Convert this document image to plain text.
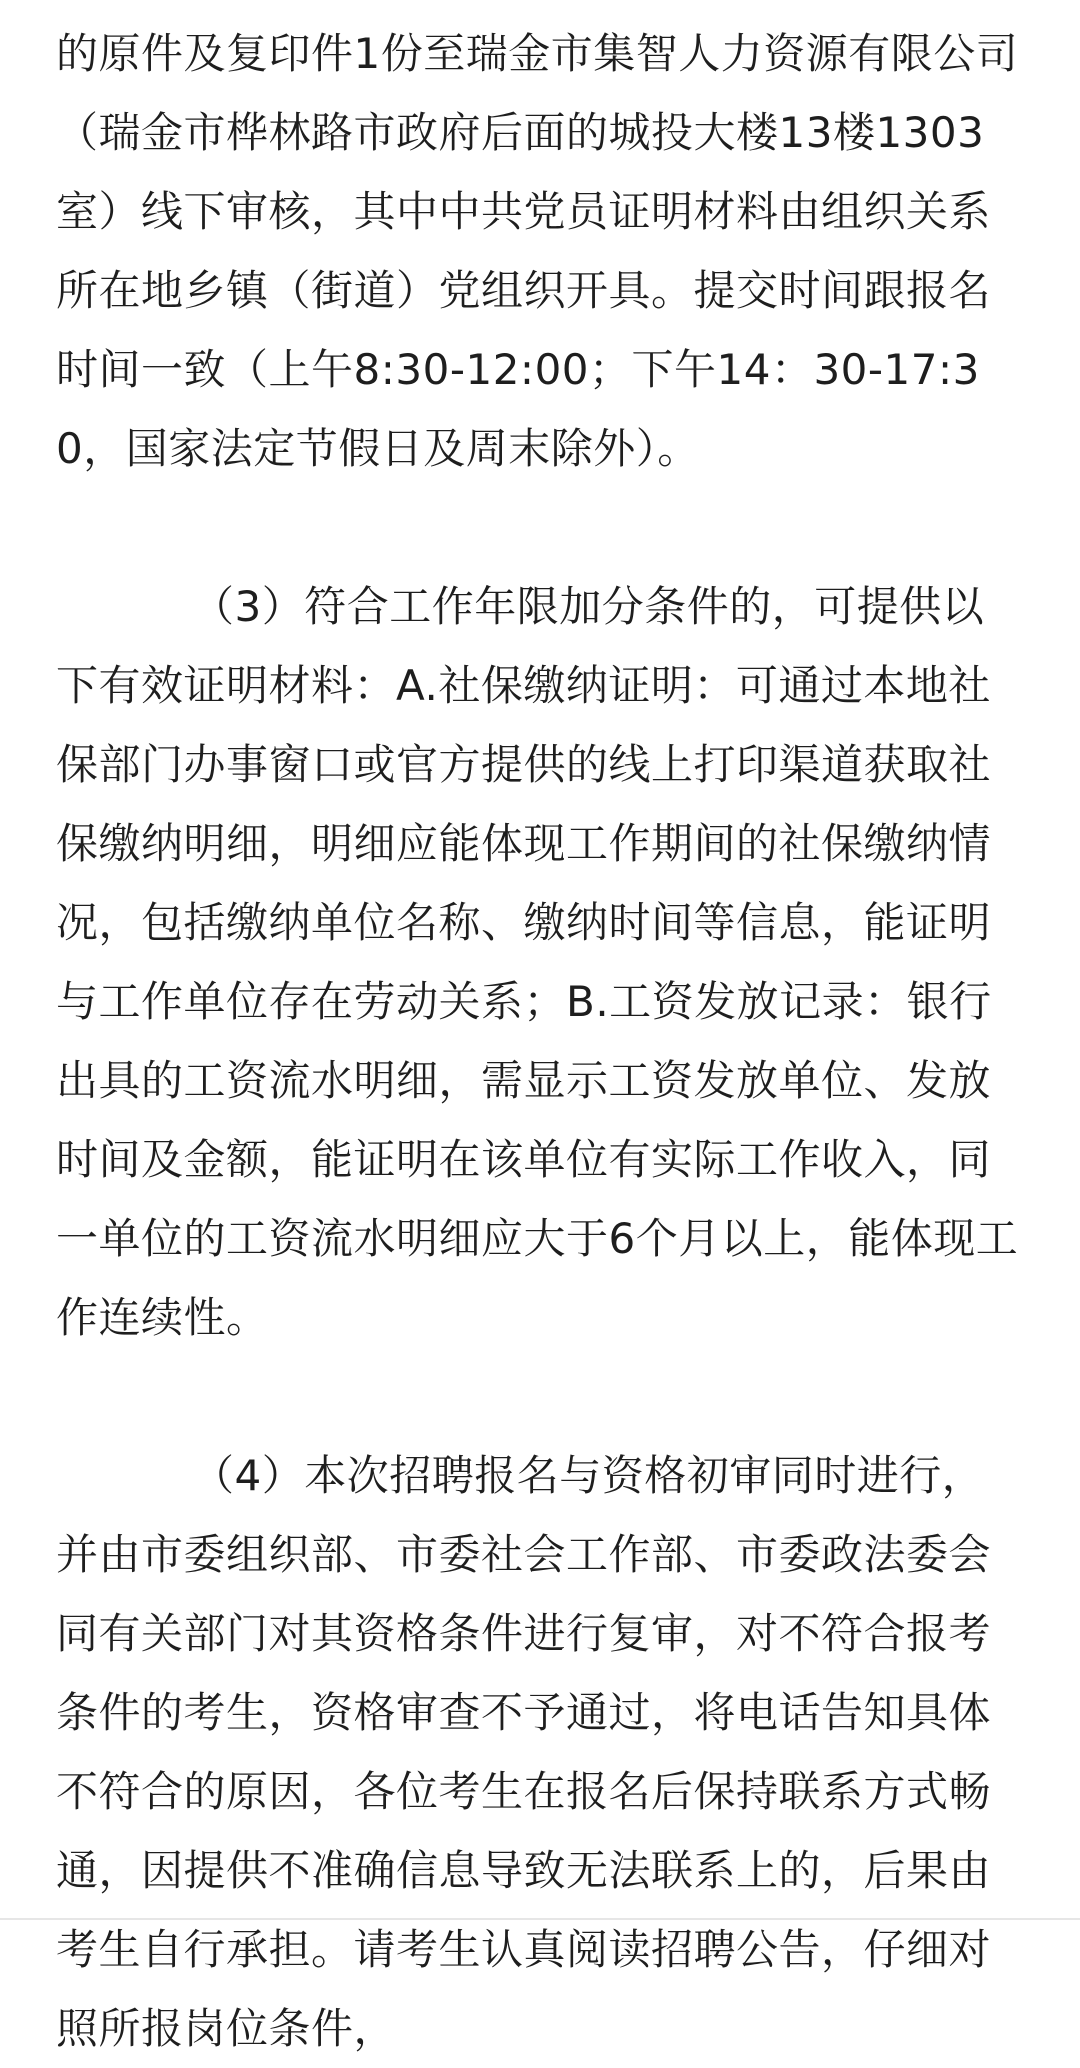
的原件及复印件1份至瑞金市集智人力资源有限公司（瑞金市桦林路市政府后面的城投大楼13楼1303室）线下审核，其中中共党员证明材料由组织关系所在地乡镇（街道）党组织开具。提交时间跟报名时间一致（上午8:30-12:00；下午14：30-17:30，国家法定节假日及周末除外）。

（3）符合工作年限加分条件的，可提供以下有效证明材料：A.社保缴纳证明：可通过本地社保部门办事窗口或官方提供的线上打印渠道获取社保缴纳明细，明细应能体现工作期间的社保缴纳情况，包括缴纳单位名称、缴纳时间等信息，能证明与工作单位存在劳动关系；B.工资发放记录：银行出具的工资流水明细，需显示工资发放单位、发放时间及金额，能证明在该单位有实际工作收入，同一单位的工资流水明细应大于6个月以上，能体现工作连续性。

（4）本次招聘报名与资格初审同时进行，并由市委组织部、市委社会工作部、市委政法委会同有关部门对其资格条件进行复审，对不符合报考条件的考生，资格审查不予通过，将电话告知具体不符合的原因，各位考生在报名后保持联系方式畅通，因提供不准确信息导致无法联系上的，后果由考生自行承担。请考生认真阅读招聘公告，仔细对照所报岗位条件，
